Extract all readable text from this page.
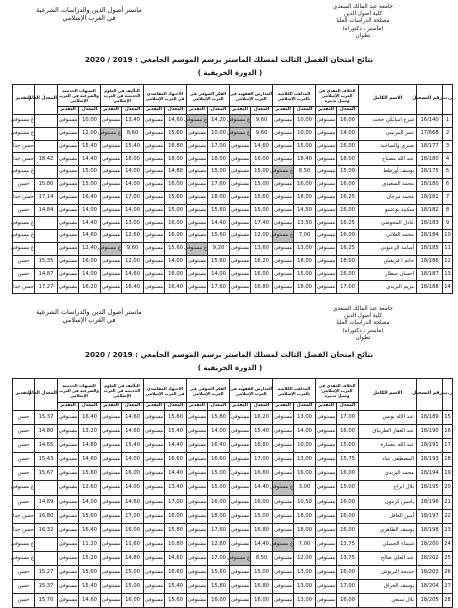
ماستر أصول الدين والدراسات الشرعية
في الغرب الإسلامي
جامعة عبد المالك السعدي
كلية أصول الدين
مصلحة الدراسات العليا
(ماستر ، دكتوراه)
تطوان
نتائج امتحان الفصل الثالث لمسلك الماستر برسم الموسم الجامعي : 2019 / 2020
( الدورة الخريفية )
ر.ت	رقم التسجيل	الاسم الكامل	الخلاف العقدي في الغرب الإسلامي وسبل تدبيره		المذاهب الكلامية بالغرب الإسلامي		المدارس الفقهية في الغرب الإسلامي		الفكر الصوفي في الغرب الإسلامي		الاجتهاد المقاصدي في الغرب الإسلامي		التأليف في العلوم الحديثية في الغرب الإسلامي		الشبهات الحديثية والشرعية في الغرب الإسلامي		المعدل العام	التقدير
			المعدل	التقدير	المعدل	التقدير	المعدل	التقدير	المعدل	التقدير	المعدل	التقدير	المعدل	التقدير	المعدل	التقدير		
1	16/140	شرح اميانكي جخث	16,00	مستوفى	10,00	مستوفى	9,60	غ مستوفى	14,20	غ مستوفى	14,60	مستوفى	13,40	مستوفى	10,00	مستوفى		غ مستوفى
2	17/668	عمر المرنيني	14,00	مستوفى	10,00	مستوفى	9,60	غ مستوفى	10,00	مستوفى	15,60	مستوفى	8,60	غ مستوفى	12,00	مستوفى		غ مستوفى
3	18/177	صبري والساخية	16,00	مستوفى	15,00	مستوفى	14,60	مستوفى	17,00	مستوفى	16,80	مستوفى	15,40	مستوفى	15,40	مستوفى		حسن جدا
4	18/180	عبد الله مصباح	18,00	مستوفى	18,40	مستوفى	16,00	مستوفى	18,00	مستوفى	18,00	مستوفى	18,00	مستوفى	14,40	مستوفى	18,42	حسن جدا
5	18/175	يوسف أورطط	15,00	مستوفى	8,50	غ مستوفى	15,00	مستوفى	15,00	مستوفى	14,80	مستوفى	14,00	مستوفى	15,00	مستوفى		غ مستوفى
6	18/180	محمد السعيدي	16,00	مستوفى	16,00	مستوفى	15,00	مستوفى	17,60	مستوفى	16,00	مستوفى	14,00	مستوفى	15,00	مستوفى	15,80	حسن
7	18/181	محمد مرجان	16,25	مستوفى	18,00	مستوفى	15,60	مستوفى	18,00	مستوفى	15,60	مستوفى	17,00	مستوفى	16,40	مستوفى	17,14	حسن جدا
8	18/182	سكينة بوعثمو	16,00	مستوفى	14,50	مستوفى	15,00	مستوفى	15,60	مستوفى	15,00	مستوفى	14,00	مستوفى	14,00	مستوفى	14,84	حسن
9	18/183	عادل المخوضي	16,25	مستوفى	13,50	مستوفى	17,40	مستوفى	14,40	مستوفى	16,00	مستوفى	13,00	مستوفى	14,40	مستوفى		غ مستوفى
10	18/184	محمد العلائي	16,00	مستوفى	7,00	غ مستوفى	12,00	مستوفى	15,60	مستوفى	16,00	مستوفى	12,60	مستوفى	14,60	مستوفى		غ مستوفى
11	18/185	أسامة الزعبوني	16,25	مستوفى	13,00	مستوفى	13,60	مستوفى	9,20	غ مستوفى	15,60	مستوفى	9,60	غ مستوفى	12,40	مستوفى		غ مستوفى
12	18/186	حاتم ا فريقش	18,00	مستوفى	18,00	مستوفى	16,20	مستوفى	15,60	مستوفى	14,00	مستوفى	12,00	مستوفى	16,00	مستوفى	15,35	حسن
13	18/187	احسان سطار	16,00	مستوفى	15,00	مستوفى	16,00	مستوفى	14,00	مستوفى	16,00	مستوفى	14,60	مستوفى	14,00	مستوفى	14,87	حسن
14	18/188	مريم البزيدي	17,00	مستوفى	18,00	مستوفى	16,80	مستوفى	17,60	مستوفى	16,40	مستوفى	16,40	مستوفى	16,20	مستوفى	17,27	حسن جدا
ماستر أصول الدين والدراسات الشرعية
في الغرب الإسلامي
جامعة عبد المالك السعدي
كلية أصول الدين
مصلحة الدراسات العليا
(ماستر ، دكتوراه)
تطوان
نتائج امتحان الفصل الثالث لمسلك الماستر برسم الموسم الجامعي : 2019 / 2020
( الدورة الخريفية )
ر.ت	رقم التسجيل	الاسم الكامل	الخلاف العقدي في الغرب الإسلامي وسبل تدبيره		المذاهب الكلامية بالغرب الإسلامي		المدارس الفقهية في الغرب الإسلامي		الفكر الصوفي في الغرب الإسلامي		الاجتهاد المقاصدي في الغرب الإسلامي		التأليف في العلوم الحديثية في الغرب الإسلامي		الشبهات الحديثية والشرعية في الغرب الإسلامي		المعدل العام	التقدير
			المعدل	التقدير	المعدل	التقدير	المعدل	التقدير	المعدل	التقدير	المعدل	التقدير	المعدل	التقدير	المعدل	التقدير		
15	18/189	عبد الإله يونس	17,00	مستوفى	13,00	مستوفى	16,20	مستوفى	15,80	مستوفى	15,60	مستوفى	14,60	مستوفى	16,40	مستوفى	15,37	حسن
16	18/190	عبد الغفار الطريباق	16,00	مستوفى	14,00	مستوفى	15,40	مستوفى	14,00	مستوفى	15,40	مستوفى	14,60	مستوفى	13,20	مستوفى	14,80	حسن
17	18/191	عبد الله بنعمارة	15,00	مستوفى	10,00	مستوفى	16,80	مستوفى	16,40	مستوفى	14,40	مستوفى	15,40	مستوفى	14,80	مستوفى	14,65	حسن
18	18/193	المصطفى عياد	15,75	مستوفى	13,00	مستوفى	17,00	مستوفى	16,60	مستوفى	16,60	مستوفى	14,00	مستوفى	14,60	مستوفى	15,43	حسن
19	18/194	محمد البزيدي	16,00	مستوفى	16,00	مستوفى	16,60	مستوفى	15,00	مستوفى	14,40	مستوفى	16,00	مستوفى	15,60	مستوفى	15,67	حسن
20	18/195	بلال ابراح	15,00	مستوفى	3,00	غ مستوفى	14,40	مستوفى	15,00	مستوفى	13,40	مستوفى	14,00	مستوفى	12,60	مستوفى		غ مستوفى
21	18/196	ياسين كرمون	16,00	مستوفى	10,50	مستوفى	16,00	مستوفى	16,00	مستوفى	17,00	مستوفى	14,60	مستوفى	14,00	مستوفى	14,89	حسن
22	18/197	أمين العاقل	16,00	مستوفى	18,00	مستوفى	15,00	مستوفى	18,00	مستوفى	16,00	مستوفى	17,00	مستوفى	15,60	مستوفى	16,80	حسن جدا
23	18/198	يوسف الطاهري	16,00	مستوفى	18,00	مستوفى	16,80	مستوفى	17,60	مستوفى	15,80	مستوفى	16,00	مستوفى	16,40	مستوفى	16,32	حسن جدا
24	18/200	شيماء الحميلي	13,75	مستوفى	7,00	غ مستوفى	14,40	مستوفى	12,80	مستوفى	10,80	مستوفى	11,60	مستوفى	11,20	مستوفى		غ مستوفى
25	18/202	عبد العلي صالح	13,75	مستوفى	12,00	مستوفى	8,50	غ مستوفى	17,00	مستوفى	14,60	مستوفى	14,80	مستوفى	15,20	مستوفى		غ مستوفى
26	18/203	خديجة البربوش	16,00	مستوفى	13,00	مستوفى	15,00	مستوفى	15,60	مستوفى	16,60	مستوفى	15,00	مستوفى	15,60	مستوفى	15,27	حسن
27	18/204	يوسف الحراق	17,00	مستوفى	13,00	مستوفى	16,80	مستوفى	15,80	مستوفى	15,40	مستوفى	15,00	مستوفى	15,40	مستوفى	15,37	حسن
28	18/205	بلال سبعي	16,00	مستوفى	13,00	مستوفى	16,00	مستوفى	16,00	مستوفى	15,60	مستوفى	16,00	مستوفى	14,60	مستوفى	15,70	حسن
